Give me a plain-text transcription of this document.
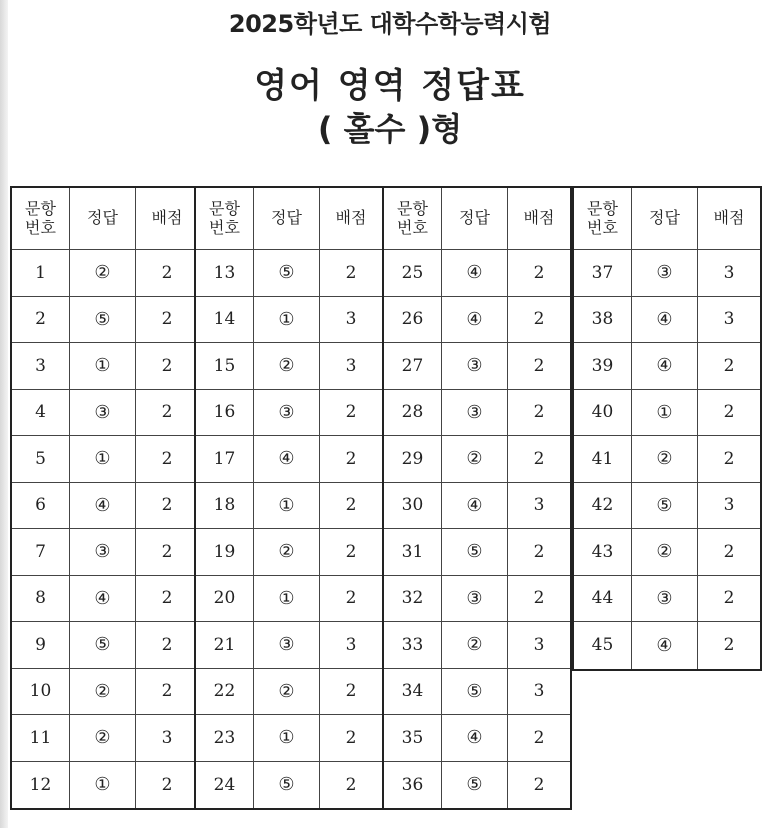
2025학년도 대학수학능력시험
영어 영역 정답표
( 홀수 )형
문항
번호	정답	배점
1	②	2
2	⑤	2
3	①	2
4	③	2
5	①	2
6	④	2
7	③	2
8	④	2
9	⑤	2
10	②	2
11	②	3
12	①	2
문항
번호	정답	배점
13	⑤	2
14	①	3
15	②	3
16	③	2
17	④	2
18	①	2
19	②	2
20	①	2
21	③	3
22	②	2
23	①	2
24	⑤	2
문항
번호	정답	배점
25	④	2
26	④	2
27	③	2
28	③	2
29	②	2
30	④	3
31	⑤	2
32	③	2
33	②	3
34	⑤	3
35	④	2
36	⑤	2
문항
번호	정답	배점
37	③	3
38	④	3
39	④	2
40	①	2
41	②	2
42	⑤	3
43	②	2
44	③	2
45	④	2
